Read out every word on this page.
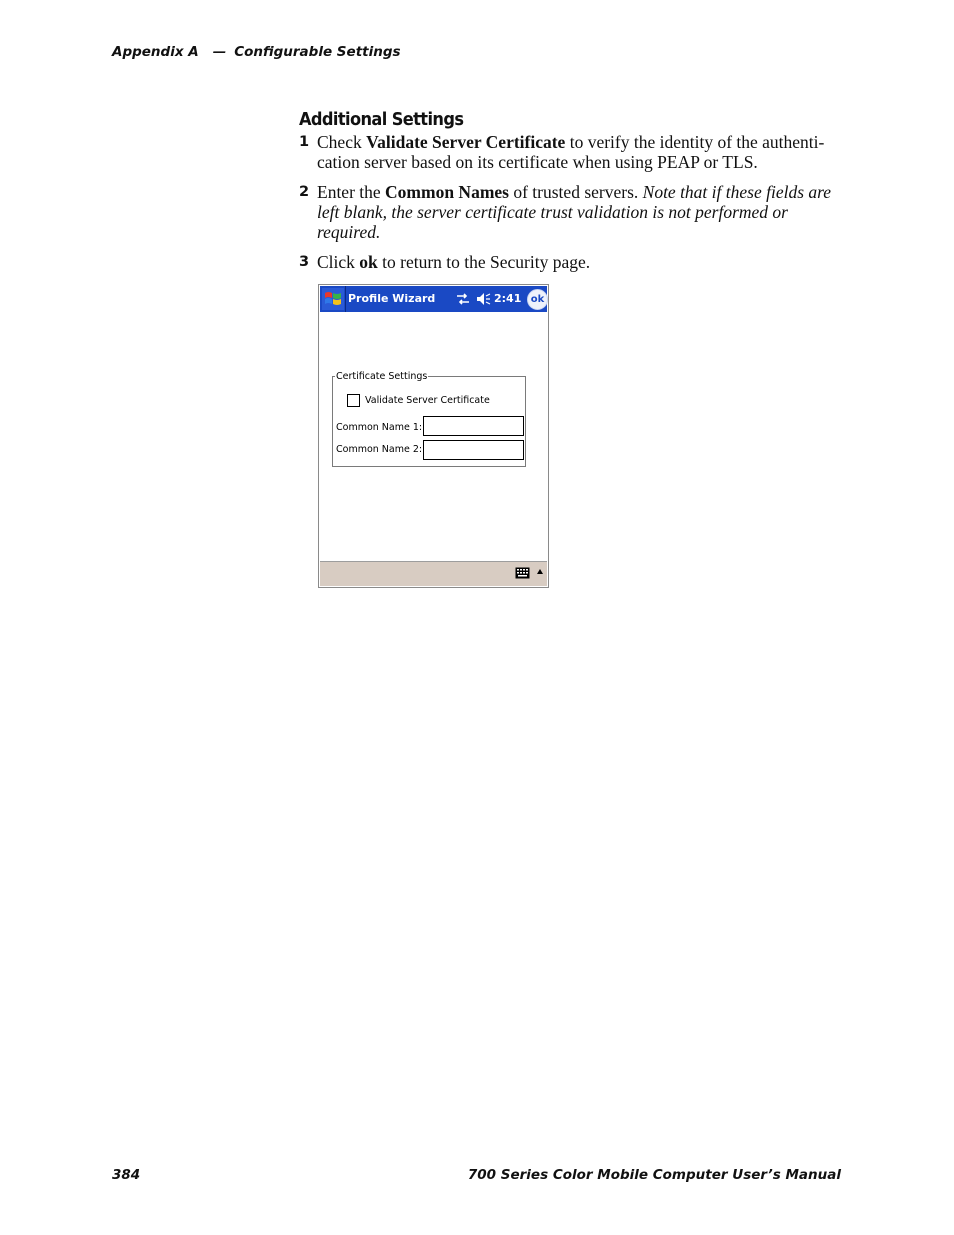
Appendix A — Configurable Settings
Additional Settings
1 Check Validate Server Certificate to verify the identity of the authenti-cation server based on its certificate when using PEAP or TLS.
2 Enter the Common Names of trusted servers. Note that if these fields are left blank, the server certificate trust validation is not performed or required.
3 Click ok to return to the Security page.
Profile Wizard	2:41 ok
Certificate Settings
Validate Server Certificate
Common Name 1:
Common Name 2:
384	700 Series Color Mobile Computer User’s Manual
